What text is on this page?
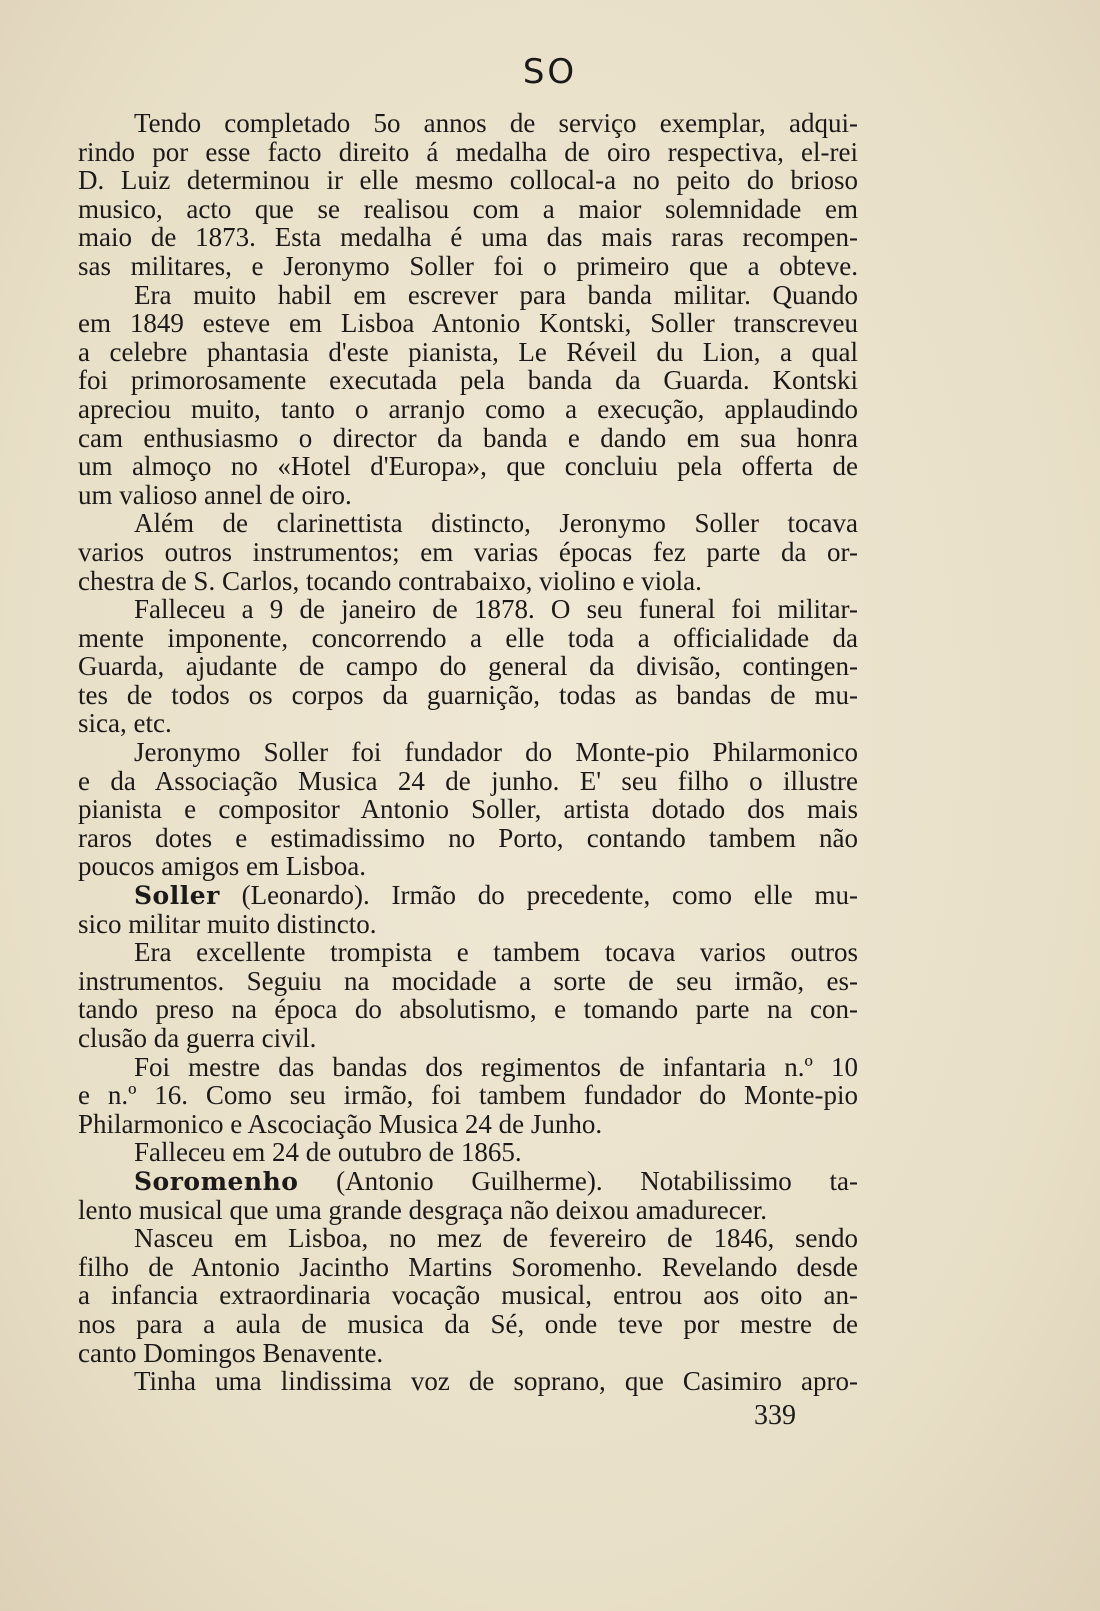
SO
Tendo completado 5o annos de serviço exemplar, adqui-
rindo por esse facto direito á medalha de oiro respectiva, el-rei
D. Luiz determinou ir elle mesmo collocal-a no peito do brioso
musico, acto que se realisou com a maior solemnidade em
maio de 1873. Esta medalha é uma das mais raras recompen-
sas militares, e Jeronymo Soller foi o primeiro que a obteve.
Era muito habil em escrever para banda militar. Quando
em 1849 esteve em Lisboa Antonio Kontski, Soller transcreveu
a celebre phantasia d'este pianista, Le Réveil du Lion, a qual
foi primorosamente executada pela banda da Guarda. Kontski
apreciou muito, tanto o arranjo como a execução, applaudindo
cam enthusiasmo o director da banda e dando em sua honra
um almoço no «Hotel d'Europa», que concluiu pela offerta de
um valioso annel de oiro.
Além de clarinettista distincto, Jeronymo Soller tocava
varios outros instrumentos; em varias épocas fez parte da or-
chestra de S. Carlos, tocando contrabaixo, violino e viola.
Falleceu a 9 de janeiro de 1878. O seu funeral foi militar-
mente imponente, concorrendo a elle toda a officialidade da
Guarda, ajudante de campo do general da divisão, contingen-
tes de todos os corpos da guarnição, todas as bandas de mu-
sica, etc.
Jeronymo Soller foi fundador do Monte-pio Philarmonico
e da Associação Musica 24 de junho. E' seu filho o illustre
pianista e compositor Antonio Soller, artista dotado dos mais
raros dotes e estimadissimo no Porto, contando tambem não
poucos amigos em Lisboa.
Soller (Leonardo). Irmão do precedente, como elle mu-
sico militar muito distincto.
Era excellente trompista e tambem tocava varios outros
instrumentos. Seguiu na mocidade a sorte de seu irmão, es-
tando preso na época do absolutismo, e tomando parte na con-
clusão da guerra civil.
Foi mestre das bandas dos regimentos de infantaria n.º 10
e n.º 16. Como seu irmão, foi tambem fundador do Monte-pio
Philarmonico e Ascociação Musica 24 de Junho.
Falleceu em 24 de outubro de 1865.
Soromenho (Antonio Guilherme). Notabilissimo ta-
lento musical que uma grande desgraça não deixou amadurecer.
Nasceu em Lisboa, no mez de fevereiro de 1846, sendo
filho de Antonio Jacintho Martins Soromenho. Revelando desde
a infancia extraordinaria vocação musical, entrou aos oito an-
nos para a aula de musica da Sé, onde teve por mestre de
canto Domingos Benavente.
Tinha uma lindissima voz de soprano, que Casimiro apro-
339
